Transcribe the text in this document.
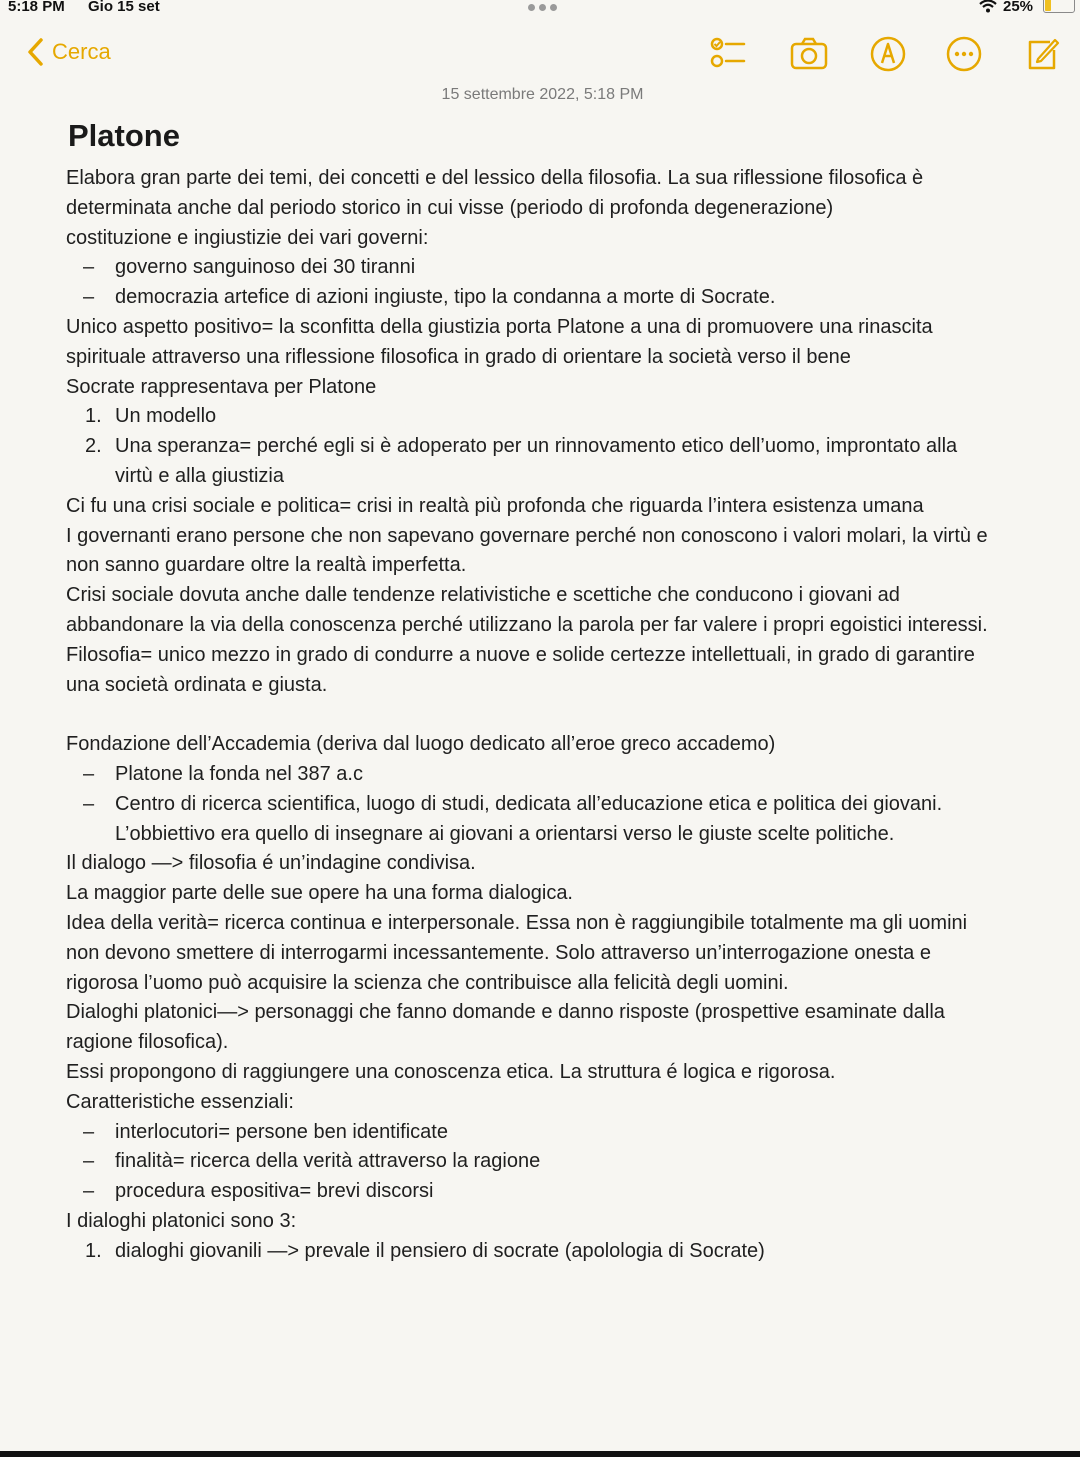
5:18 PM Gio 15 set	25%
Cerca
15 settembre 2022, 5:18 PM
Platone

Elabora gran parte dei temi, dei concetti e del lessico della filosofia. La sua riflessione filosofica è determinata anche dal periodo storico in cui visse (periodo di profonda degenerazione)

costituzione e ingiustizie dei vari governi:

– governo sanguinoso dei 30 tiranni
– democrazia artefice di azioni ingiuste, tipo la condanna a morte di Socrate.

Unico aspetto positivo= la sconfitta della giustizia porta Platone a una di promuovere una rinascita spirituale attraverso una riflessione filosofica in grado di orientare la società verso il bene

Socrate rappresentava per Platone

1. Un modello
2. Una speranza= perché egli si è adoperato per un rinnovamento etico dell’uomo, improntato alla virtù e alla giustizia

Ci fu una crisi sociale e politica= crisi in realtà più profonda che riguarda l’intera esistenza umana

I governanti erano persone che non sapevano governare perché non conoscono i valori molari, la virtù e non sanno guardare oltre la realtà imperfetta.

Crisi sociale dovuta anche dalle tendenze relativistiche e scettiche che conducono i giovani ad abbandonare la via della conoscenza perché utilizzano la parola per far valere i propri egoistici interessi.

Filosofia= unico mezzo in grado di condurre a nuove e solide certezze intellettuali, in grado di garantire una società ordinata e giusta.

Fondazione dell’Accademia (deriva dal luogo dedicato all’eroe greco accademo)

– Platone la fonda nel 387 a.c
– Centro di ricerca scientifica, luogo di studi, dedicata all’educazione etica e politica dei giovani. L’obbiettivo era quello di insegnare ai giovani a orientarsi verso le giuste scelte politiche.

Il dialogo —> filosofia é un’indagine condivisa.

La maggior parte delle sue opere ha una forma dialogica.

Idea della verità= ricerca continua e interpersonale. Essa non è raggiungibile totalmente ma gli uomini non devono smettere di interrogarmi incessantemente. Solo attraverso un’interrogazione onesta e rigorosa l’uomo può acquisire la scienza che contribuisce alla felicità degli uomini.

Dialoghi platonici—> personaggi che fanno domande e danno risposte (prospettive esaminate dalla ragione filosofica).

Essi propongono di raggiungere una conoscenza etica. La struttura é logica e rigorosa.

Caratteristiche essenziali:

– interlocutori= persone ben identificate
– finalità= ricerca della verità attraverso la ragione
– procedura espositiva= brevi discorsi

I dialoghi platonici sono 3:

1. dialoghi giovanili —> prevale il pensiero di socrate (apolologia di Socrate)
